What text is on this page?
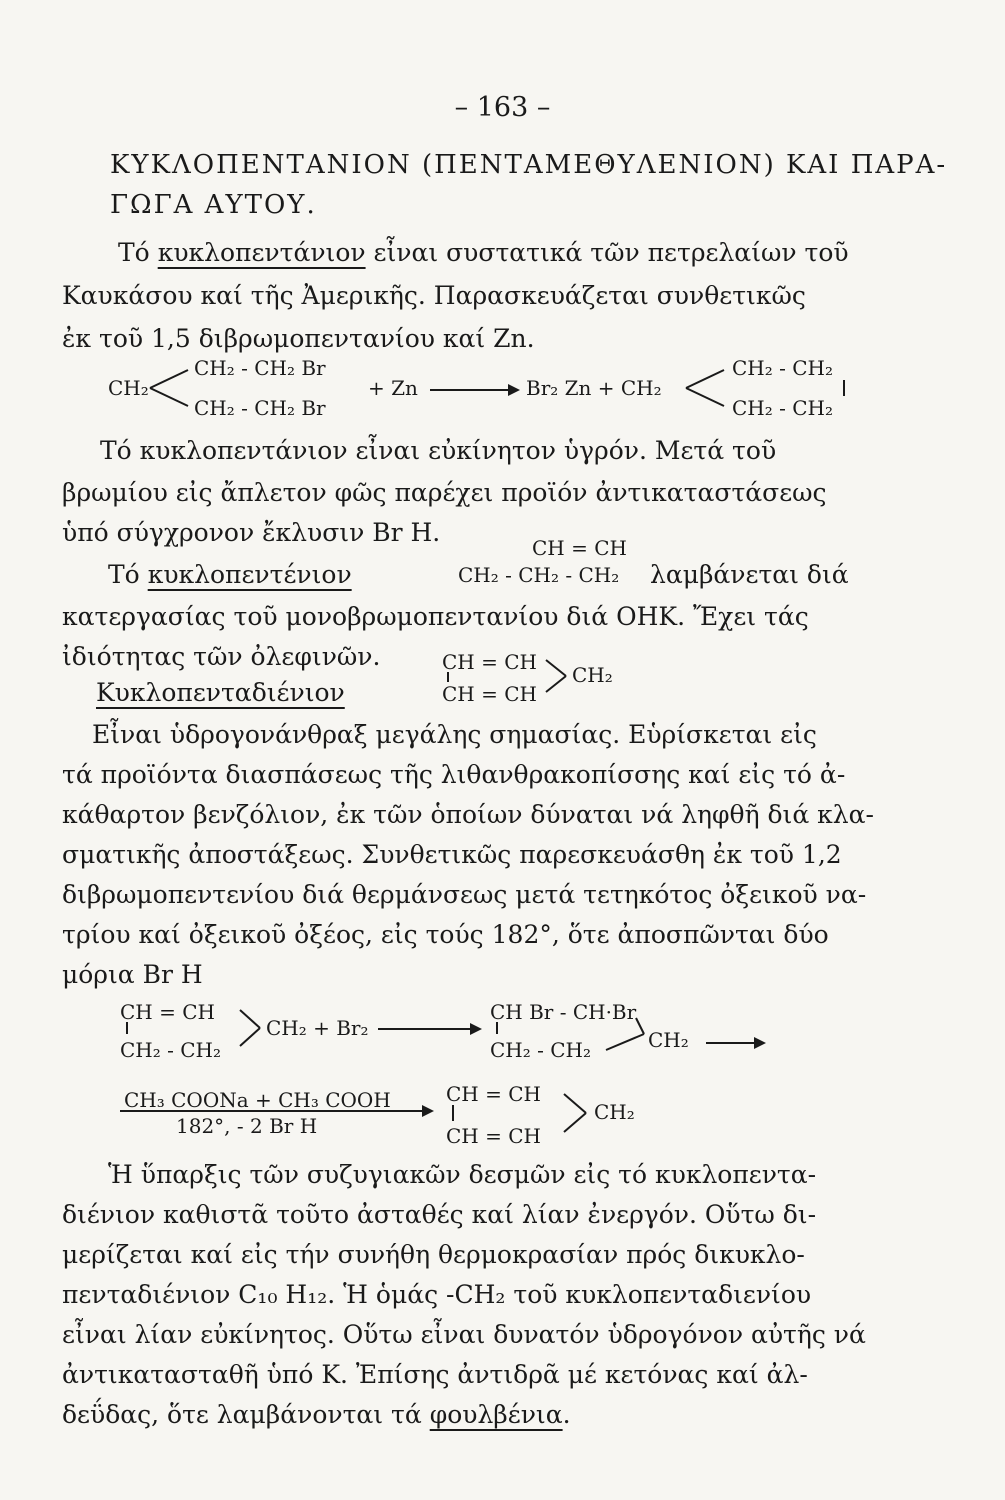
– 163 –
ΚΥΚΛΟΠΕΝΤΑΝΙΟΝ (ΠΕΝΤΑΜΕΘΥΛΕΝΙΟΝ) ΚΑΙ ΠΑΡΑ-
ΓΩΓΑ ΑΥΤΟΥ.
Τό κυκλοπεντάνιον εἶναι συστατικά τῶν πετρελαίων τοῦ
Καυκάσου καί τῆς Ἀμερικῆς. Παρασκευάζεται συνθετικῶς
ἐκ τοῦ 1,5 διβρωμοπεντανίου καί Zn.
CH₂
CH₂ - CH₂ Br
CH₂ - CH₂ Br
+ Zn	Br₂ Zn + CH₂
CH₂ - CH₂
CH₂ - CH₂
Τό κυκλοπεντάνιον εἶναι εὐκίνητον ὑγρόν. Μετά τοῦ
βρωμίου εἰς ἄπλετον φῶς παρέχει προϊόν ἀντικαταστάσεως
ὑπό σύγχρονον ἔκλυσιν Br H.
Τό κυκλοπεντένιον
CH = CH
CH₂ - CH₂ - CH₂ λαμβάνεται διά
κατεργασίας τοῦ μονοβρωμοπεντανίου διά ΟΗΚ. Ἔχει τάς
ἰδιότητας τῶν ὀλεφινῶν.
Κυκλοπενταδιένιον
CH = CH
CH = CH
CH₂
Εἶναι ὑδρογονάνθραξ μεγάλης σημασίας. Εὑρίσκεται εἰς
τά προϊόντα διασπάσεως τῆς λιθανθρακοπίσσης καί εἰς τό ἀ-
κάθαρτον βενζόλιον, ἐκ τῶν ὁποίων δύναται νά ληφθῆ διά κλα-
σματικῆς ἀποστάξεως. Συνθετικῶς παρεσκευάσθη ἐκ τοῦ 1,2
διβρωμοπεντενίου διά θερμάνσεως μετά τετηκότος ὀξεικοῦ να-
τρίου καί ὀξεικοῦ ὀξέος, εἰς τούς 182°, ὅτε ἀποσπῶνται δύο
μόρια Br H
CH = CH
CH₂ - CH₂
CH₂ + Br₂
CH Br - CH·Br
CH₂ - CH₂	CH₂
CH₃ COONa + CH₃ COOH
182°, - 2 Br H
CH = CH
CH = CH
CH₂
Ἡ ὕπαρξις τῶν συζυγιακῶν δεσμῶν εἰς τό κυκλοπεντα-
διένιον καθιστᾶ τοῦτο ἀσταθές καί λίαν ἐνεργόν. Οὕτω δι-
μερίζεται καί εἰς τήν συνήθη θερμοκρασίαν πρός δικυκλο-
πενταδιένιον C₁₀ H₁₂. Ἡ ὁμάς -CH₂ τοῦ κυκλοπενταδιενίου
εἶναι λίαν εὐκίνητος. Οὕτω εἶναι δυνατόν ὑδρογόνον αὐτῆς νά
ἀντικατασταθῆ ὑπό Κ. Ἐπίσης ἀντιδρᾶ μέ κετόνας καί ἀλ-
δεΰδας, ὅτε λαμβάνονται τά φουλβένια.
